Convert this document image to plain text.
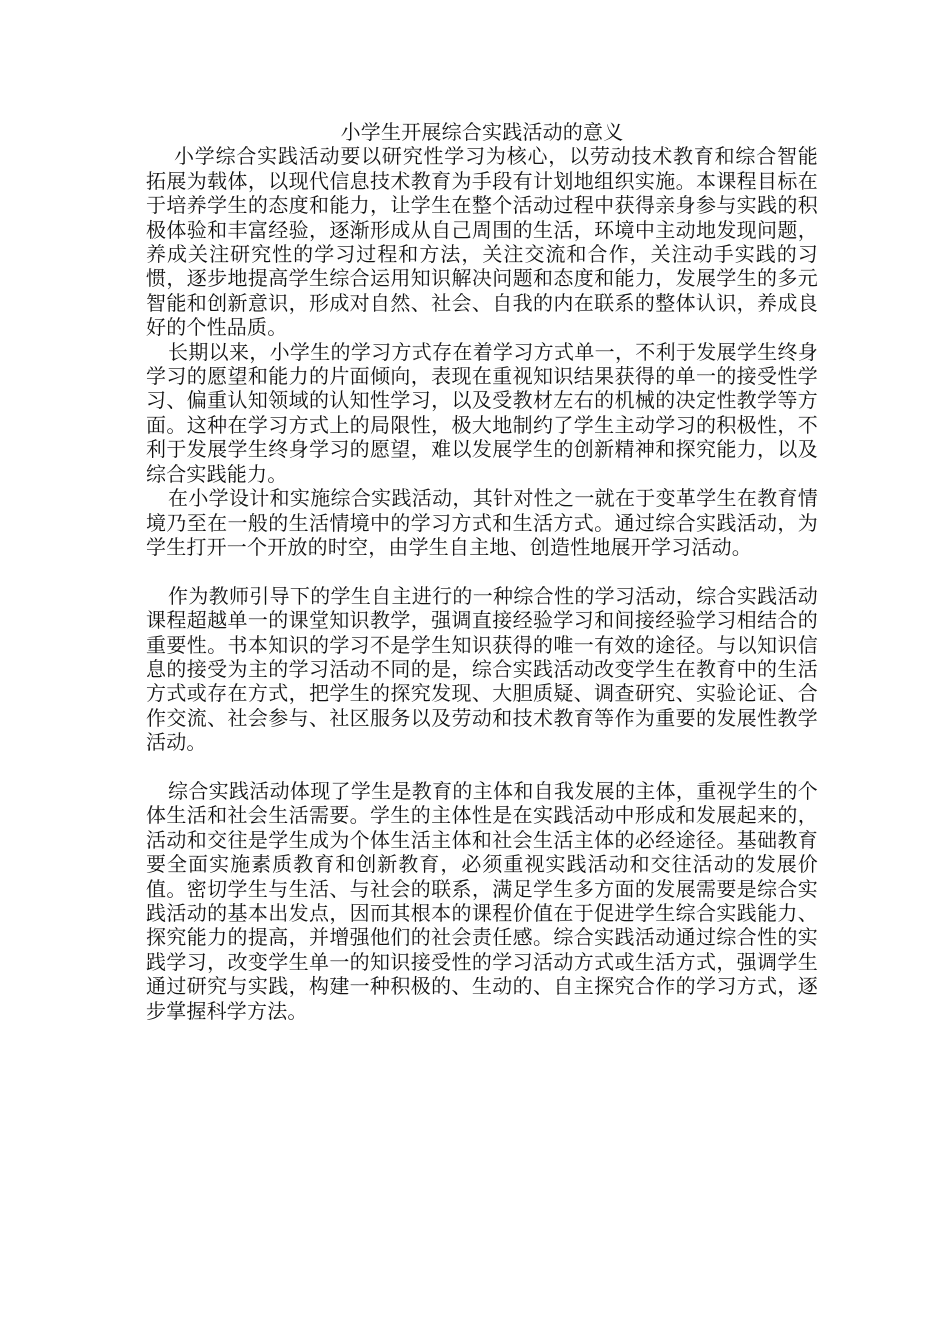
小学生开展综合实践活动的意义

小学综合实践活动要以研究性学习为核心，以劳动技术教育和综合智能拓展为载体，以现代信息技术教育为手段有计划地组织实施。本课程目标在于培养学生的态度和能力，让学生在整个活动过程中获得亲身参与实践的积极体验和丰富经验，逐渐形成从自己周围的生活，环境中主动地发现问题，养成关注研究性的学习过程和方法，关注交流和合作，关注动手实践的习惯，逐步地提高学生综合运用知识解决问题和态度和能力，发展学生的多元智能和创新意识，形成对自然、社会、自我的内在联系的整体认识，养成良好的个性品质。

长期以来，小学生的学习方式存在着学习方式单一，不利于发展学生终身学习的愿望和能力的片面倾向，表现在重视知识结果获得的单一的接受性学习、偏重认知领域的认知性学习，以及受教材左右的机械的决定性教学等方面。这种在学习方式上的局限性，极大地制约了学生主动学习的积极性，不利于发展学生终身学习的愿望，难以发展学生的创新精神和探究能力，以及综合实践能力。

在小学设计和实施综合实践活动，其针对性之一就在于变革学生在教育情境乃至在一般的生活情境中的学习方式和生活方式。通过综合实践活动，为学生打开一个开放的时空，由学生自主地、创造性地展开学习活动。

作为教师引导下的学生自主进行的一种综合性的学习活动，综合实践活动课程超越单一的课堂知识教学，强调直接经验学习和间接经验学习相结合的重要性。书本知识的学习不是学生知识获得的唯一有效的途径。与以知识信息的接受为主的学习活动不同的是，综合实践活动改变学生在教育中的生活方式或存在方式，把学生的探究发现、大胆质疑、调查研究、实验论证、合作交流、社会参与、社区服务以及劳动和技术教育等作为重要的发展性教学活动。

综合实践活动体现了学生是教育的主体和自我发展的主体，重视学生的个体生活和社会生活需要。学生的主体性是在实践活动中形成和发展起来的，活动和交往是学生成为个体生活主体和社会生活主体的必经途径。基础教育要全面实施素质教育和创新教育，必须重视实践活动和交往活动的发展价值。密切学生与生活、与社会的联系，满足学生多方面的发展需要是综合实践活动的基本出发点，因而其根本的课程价值在于促进学生综合实践能力、探究能力的提高，并增强他们的社会责任感。综合实践活动通过综合性的实践学习，改变学生单一的知识接受性的学习活动方式或生活方式，强调学生通过研究与实践，构建一种积极的、生动的、自主探究合作的学习方式，逐步掌握科学方法。
